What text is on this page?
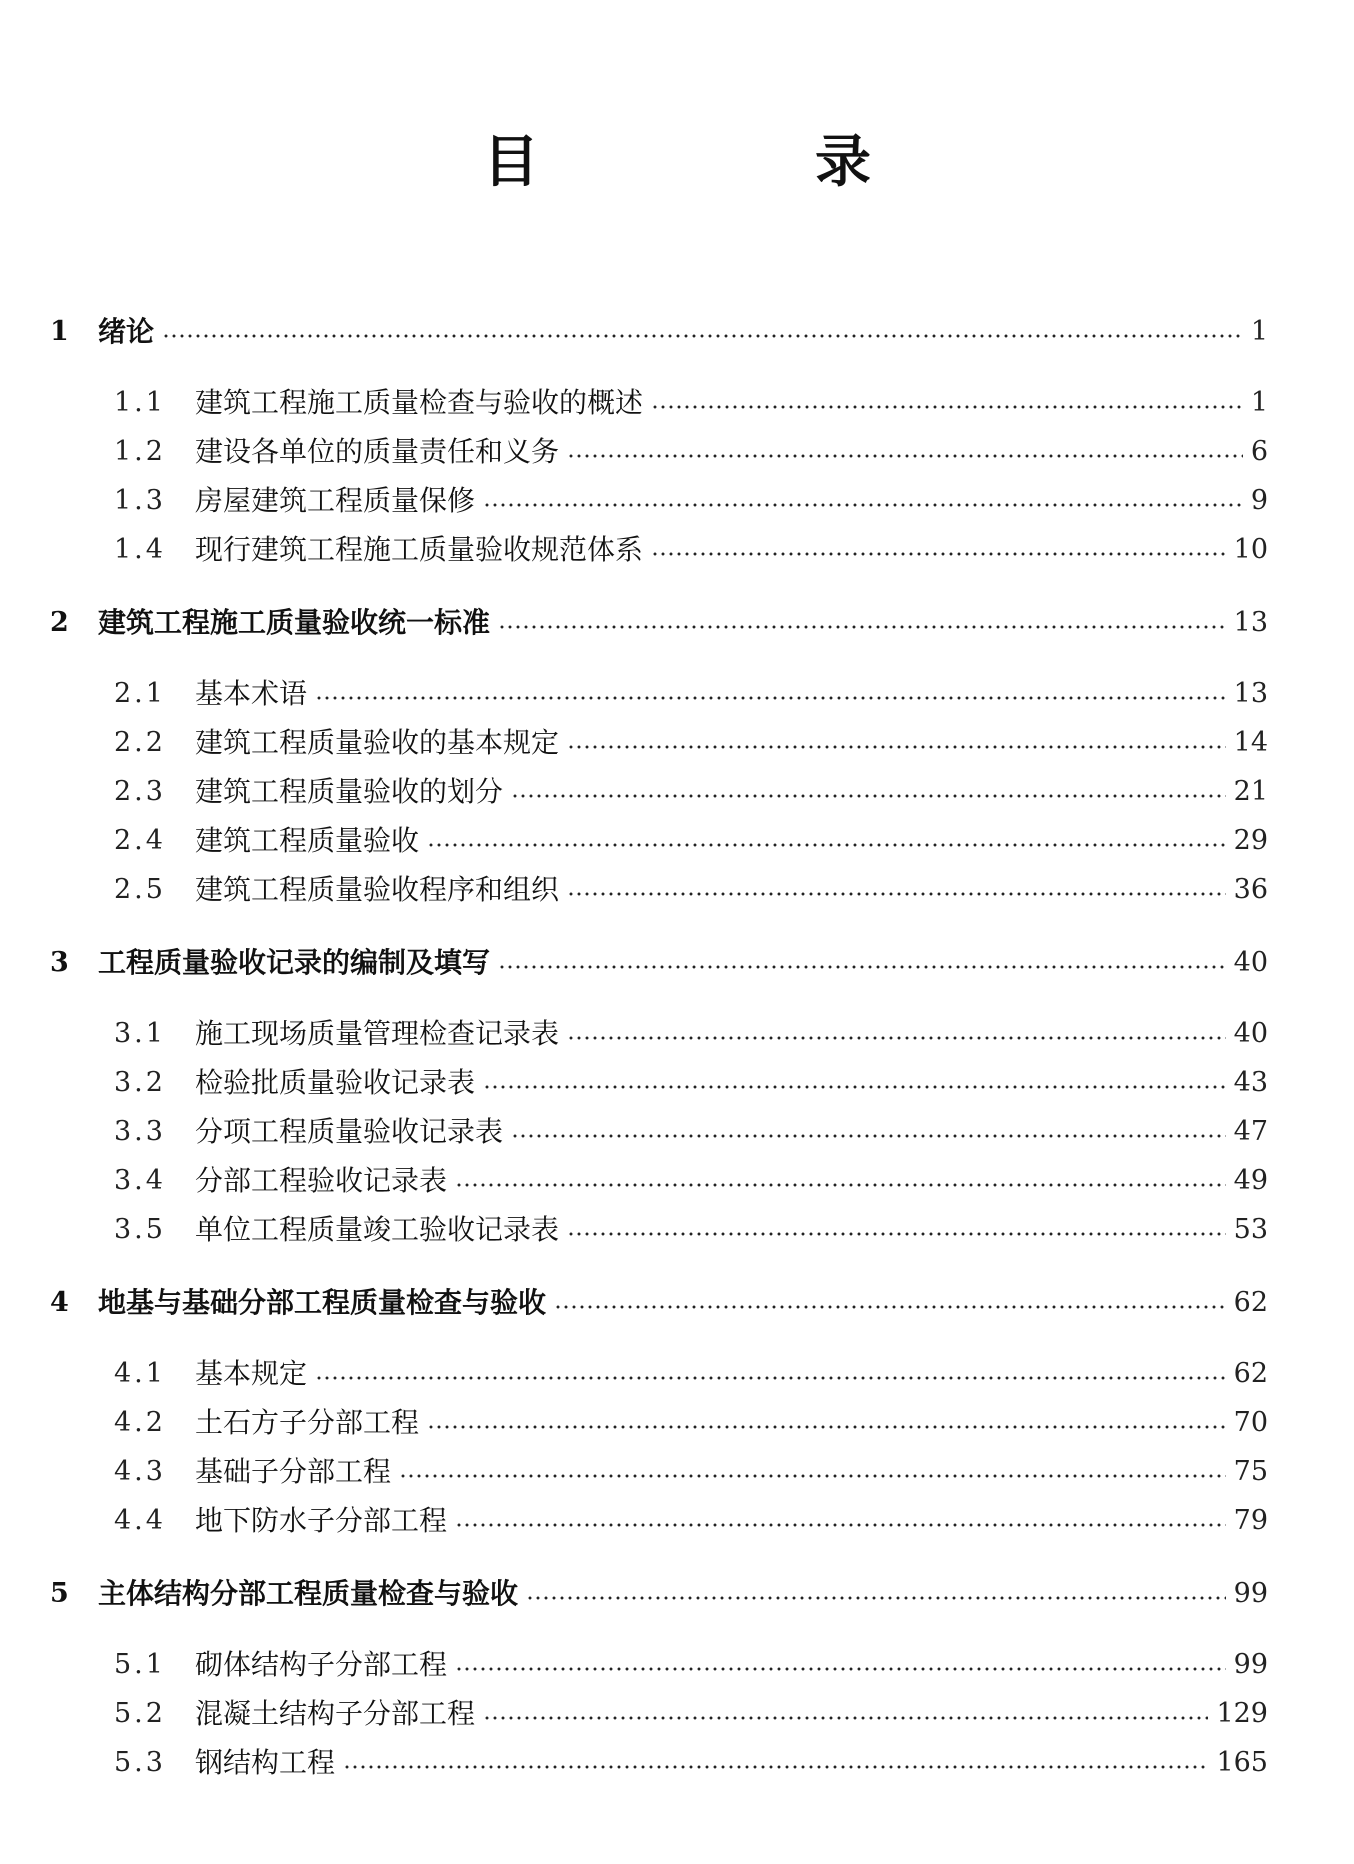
目　录
1 绪论	1
1.1 建筑工程施工质量检查与验收的概述	1
1.2 建设各单位的质量责任和义务	6
1.3 房屋建筑工程质量保修	9
1.4 现行建筑工程施工质量验收规范体系	10
2 建筑工程施工质量验收统一标准	13
2.1 基本术语	13
2.2 建筑工程质量验收的基本规定	14
2.3 建筑工程质量验收的划分	21
2.4 建筑工程质量验收	29
2.5 建筑工程质量验收程序和组织	36
3 工程质量验收记录的编制及填写	40
3.1 施工现场质量管理检查记录表	40
3.2 检验批质量验收记录表	43
3.3 分项工程质量验收记录表	47
3.4 分部工程验收记录表	49
3.5 单位工程质量竣工验收记录表	53
4 地基与基础分部工程质量检查与验收	62
4.1 基本规定	62
4.2 土石方子分部工程	70
4.3 基础子分部工程	75
4.4 地下防水子分部工程	79
5 主体结构分部工程质量检查与验收	99
5.1 砌体结构子分部工程	99
5.2 混凝土结构子分部工程	129
5.3 钢结构工程	165
